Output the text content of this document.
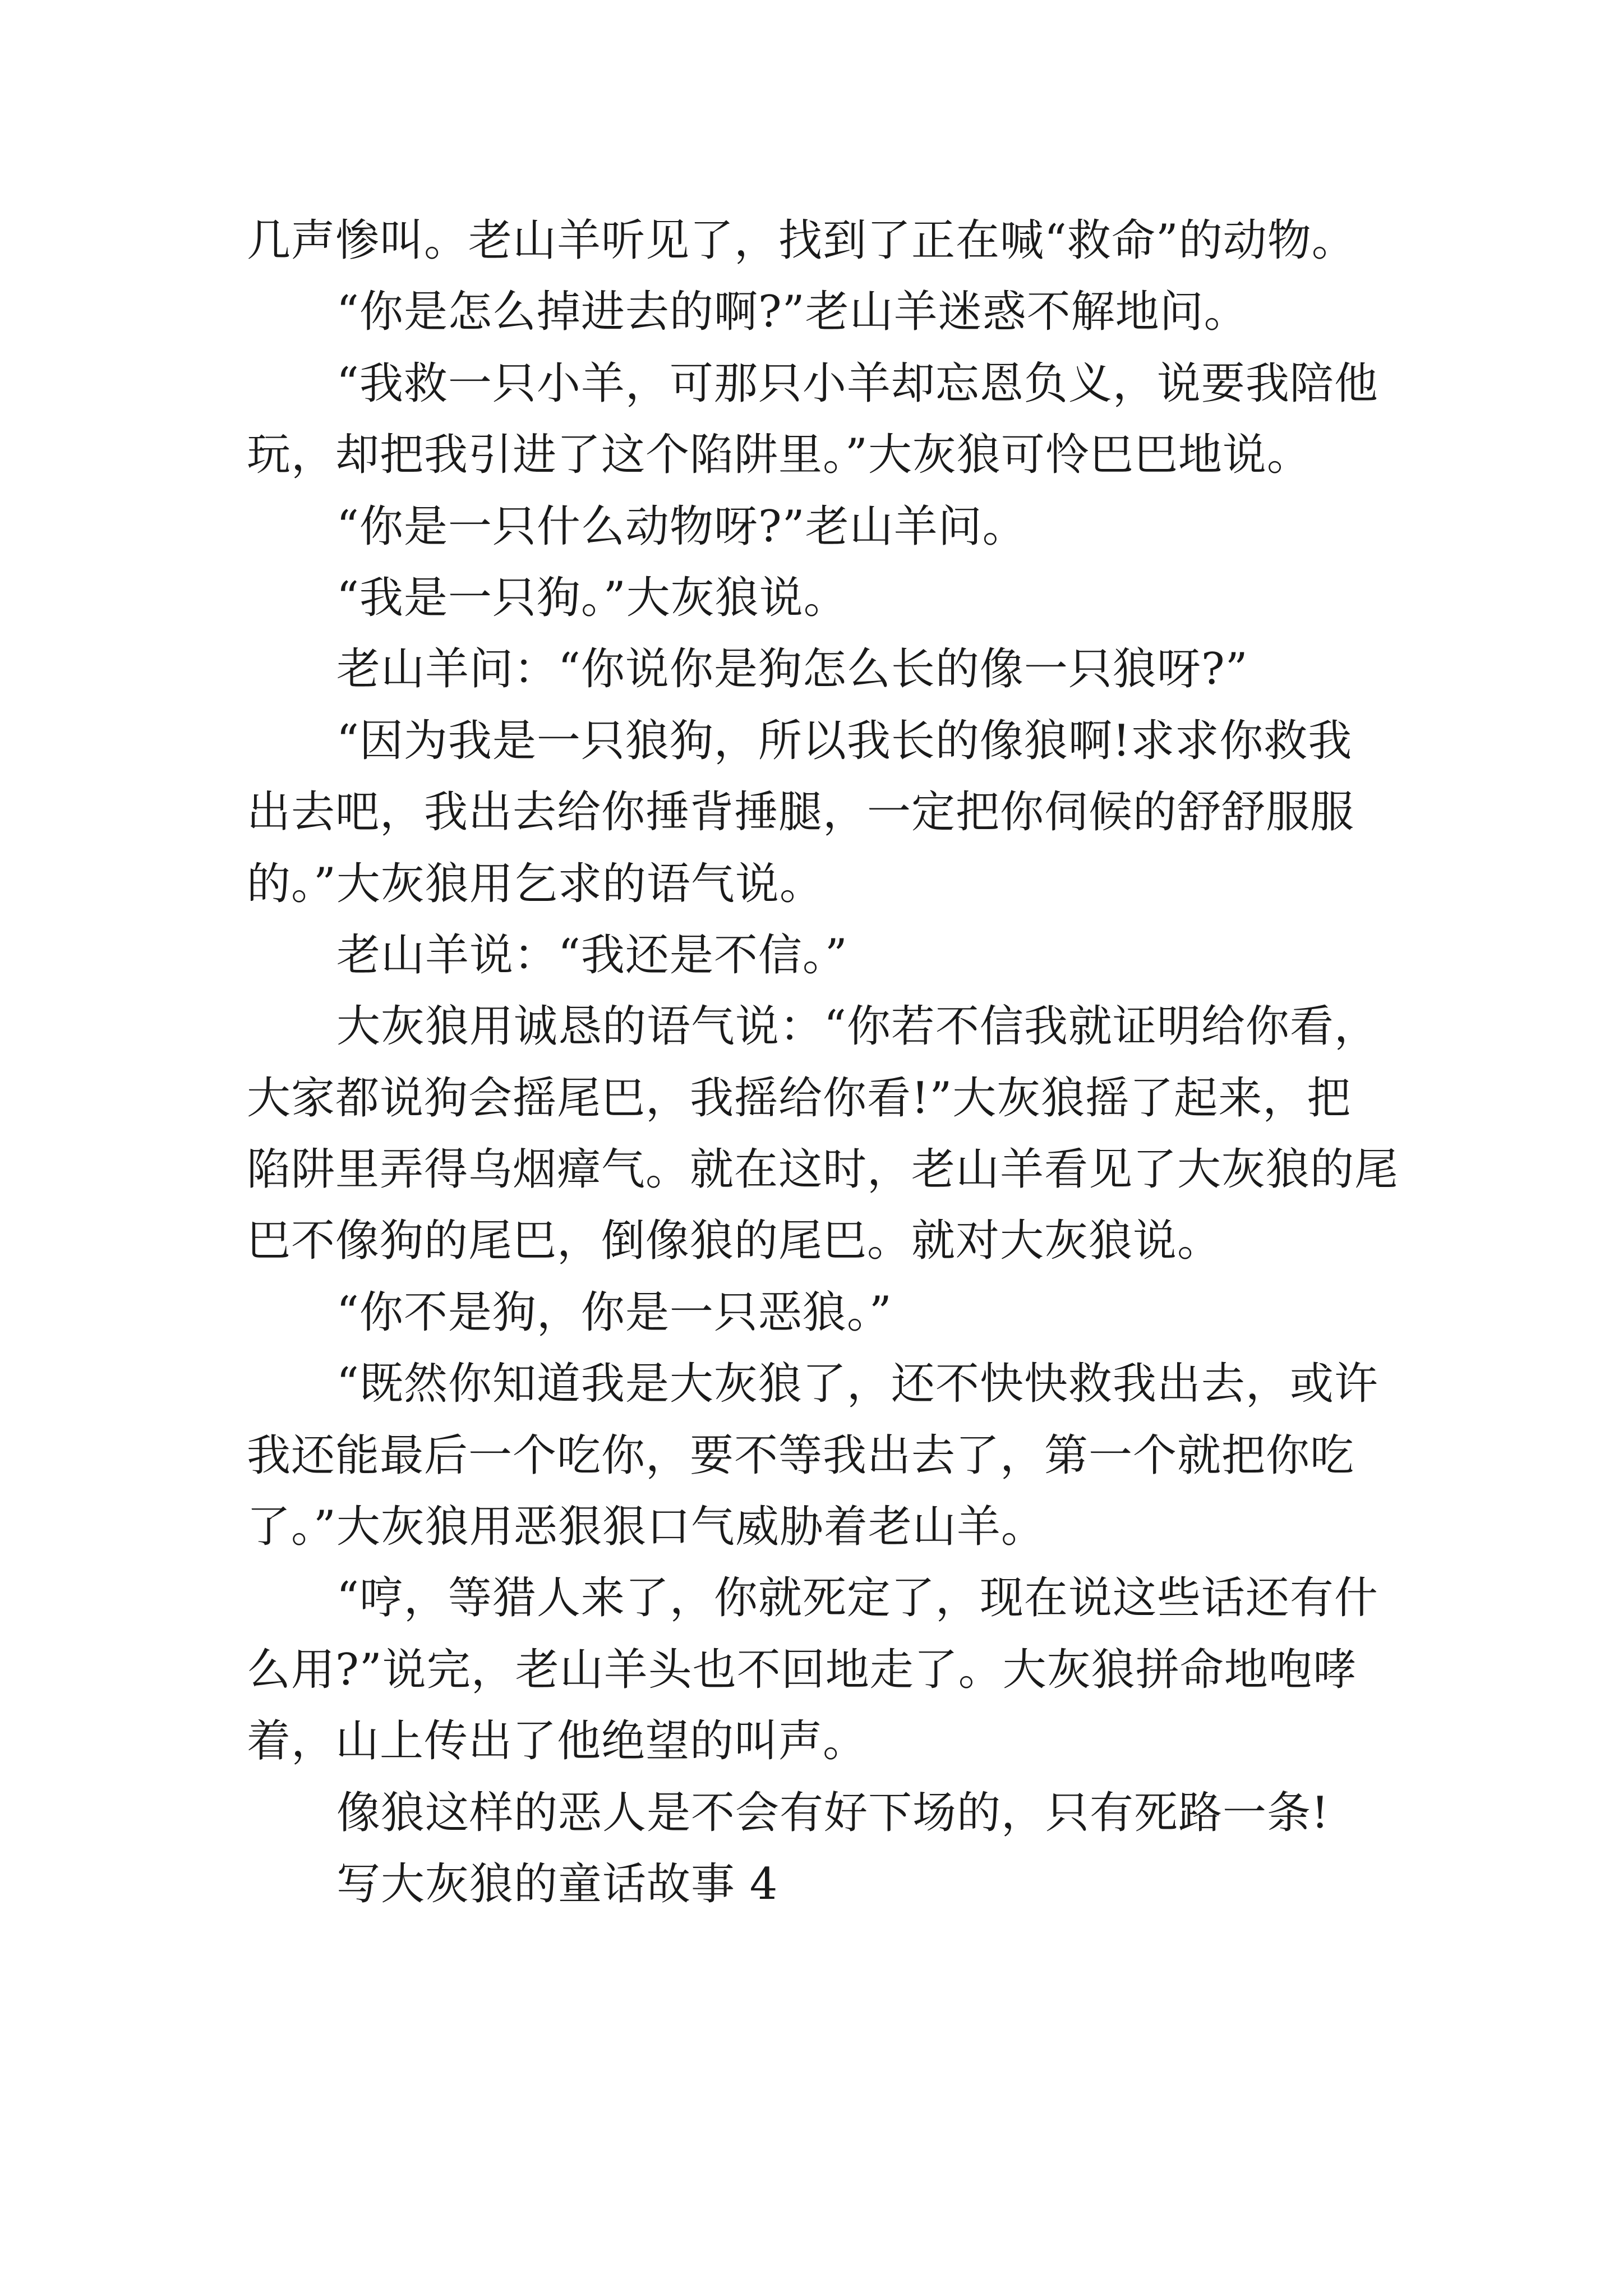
几声惨叫。老山羊听见了，找到了正在喊“救命”的动物。
“你是怎么掉进去的啊?”老山羊迷惑不解地问。
“我救一只小羊，可那只小羊却忘恩负义，说要我陪他
玩，却把我引进了这个陷阱里。”大灰狼可怜巴巴地说。
“你是一只什么动物呀?”老山羊问。
“我是一只狗。”大灰狼说。
老山羊问：“你说你是狗怎么长的像一只狼呀?”
“因为我是一只狼狗，所以我长的像狼啊!求求你救我
出去吧，我出去给你捶背捶腿，一定把你伺候的舒舒服服
的。”大灰狼用乞求的语气说。
老山羊说：“我还是不信。”
大灰狼用诚恳的语气说：“你若不信我就证明给你看，
大家都说狗会摇尾巴，我摇给你看!”大灰狼摇了起来，把
陷阱里弄得乌烟瘴气。就在这时，老山羊看见了大灰狼的尾
巴不像狗的尾巴，倒像狼的尾巴。就对大灰狼说。
“你不是狗，你是一只恶狼。”
“既然你知道我是大灰狼了，还不快快救我出去，或许
我还能最后一个吃你，要不等我出去了，第一个就把你吃
了。”大灰狼用恶狠狠口气威胁着老山羊。
“哼，等猎人来了，你就死定了，现在说这些话还有什
么用?”说完，老山羊头也不回地走了。大灰狼拼命地咆哮
着，山上传出了他绝望的叫声。
像狼这样的恶人是不会有好下场的，只有死路一条!
写大灰狼的童话故事 4
